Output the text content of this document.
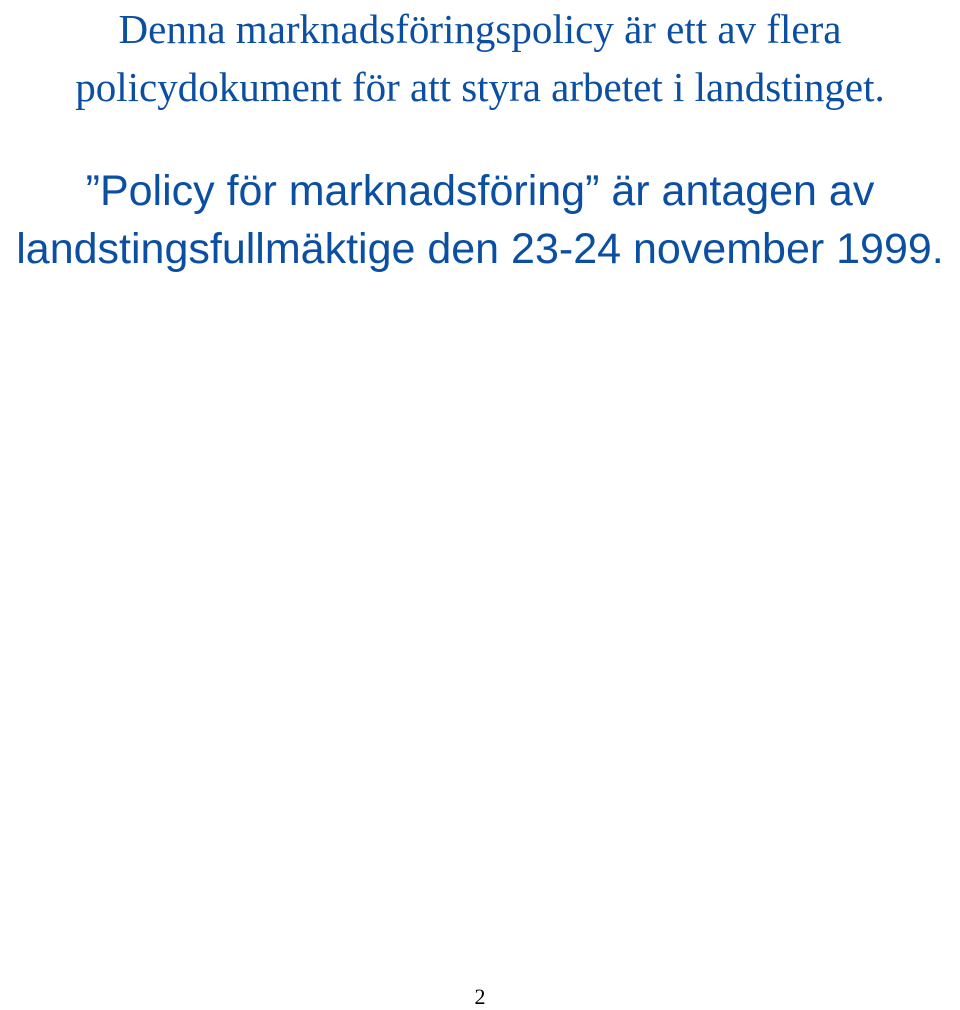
Denna marknadsföringspolicy är ett av flera
policydokument för att styra arbetet i landstinget.
”Policy för marknadsföring” är antagen av
landstingsfullmäktige den 23-24 november 1999.
2
